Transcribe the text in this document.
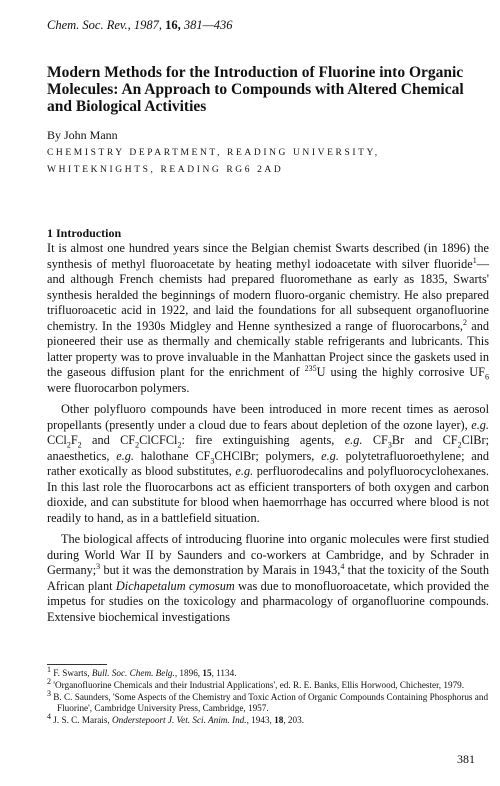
Chem. Soc. Rev., 1987, 16, 381—436
Modern Methods for the Introduction of Fluorine into Organic Molecules: An Approach to Compounds with Altered Chemical and Biological Activities
By John Mann
CHEMISTRY DEPARTMENT, READING UNIVERSITY, WHITEKNIGHTS, READING RG6 2AD
1 Introduction

It is almost one hundred years since the Belgian chemist Swarts described (in 1896) the synthesis of methyl fluoroacetate by heating methyl iodoacetate with silver fluoride$^1$—and although French chemists had prepared fluoromethane as early as 1835, Swarts' synthesis heralded the beginnings of modern fluoro-organic chemistry. He also prepared trifluoroacetic acid in 1922, and laid the foundations for all subsequent organofluorine chemistry. In the 1930s Midgley and Henne synthesized a range of fluorocarbons,$^2$ and pioneered their use as thermally and chemically stable refrigerants and lubricants. This latter property was to prove invaluable in the Manhattan Project since the gaskets used in the gaseous diffusion plant for the enrichment of $^{235}$U using the highly corrosive $UF_6$ were fluorocarbon polymers.

Other polyfluoro compounds have been introduced in more recent times as aerosol propellants (presently under a cloud due to fears about depletion of the ozone layer), e.g. $CCl_2F_2$ and $CF_2ClCFCl_2$: fire extinguishing agents, e.g. $CF_3Br$ and $CF_2ClBr$; anaesthetics, e.g. halothane $CF_3CHClBr$; polymers, e.g. polytetrafluoroethylene; and rather exotically as blood substitutes, e.g. perfluorodecalins and polyfluorocyclohexanes. In this last role the fluorocarbons act as efficient transporters of both oxygen and carbon dioxide, and can substitute for blood when haemorrhage has occurred where blood is not readily to hand, as in a battlefield situation.

The biological affects of introducing fluorine into organic molecules were first studied during World War II by Saunders and co-workers at Cambridge, and by Schrader in Germany;$^3$ but it was the demonstration by Marais in 1943,$^4$ that the toxicity of the South African plant Dichapetalum cymosum was due to monofluoroacetate, which provided the impetus for studies on the toxicology and pharmacology of organofluorine compounds. Extensive biochemical investigations

$^1$ F. Swarts, Bull. Soc. Chem. Belg., 1896, 15, 1134.
$^2$ 'Organofluorine Chemicals and their Industrial Applications', ed. R. E. Banks, Ellis Horwood, Chichester, 1979.
$^3$ B. C. Saunders, 'Some Aspects of the Chemistry and Toxic Action of Organic Compounds Containing Phosphorus and Fluorine', Cambridge University Press, Cambridge, 1957.
$^4$ J. S. C. Marais, Onderstepoort J. Vet. Sci. Anim. Ind., 1943, 18, 203.
381
